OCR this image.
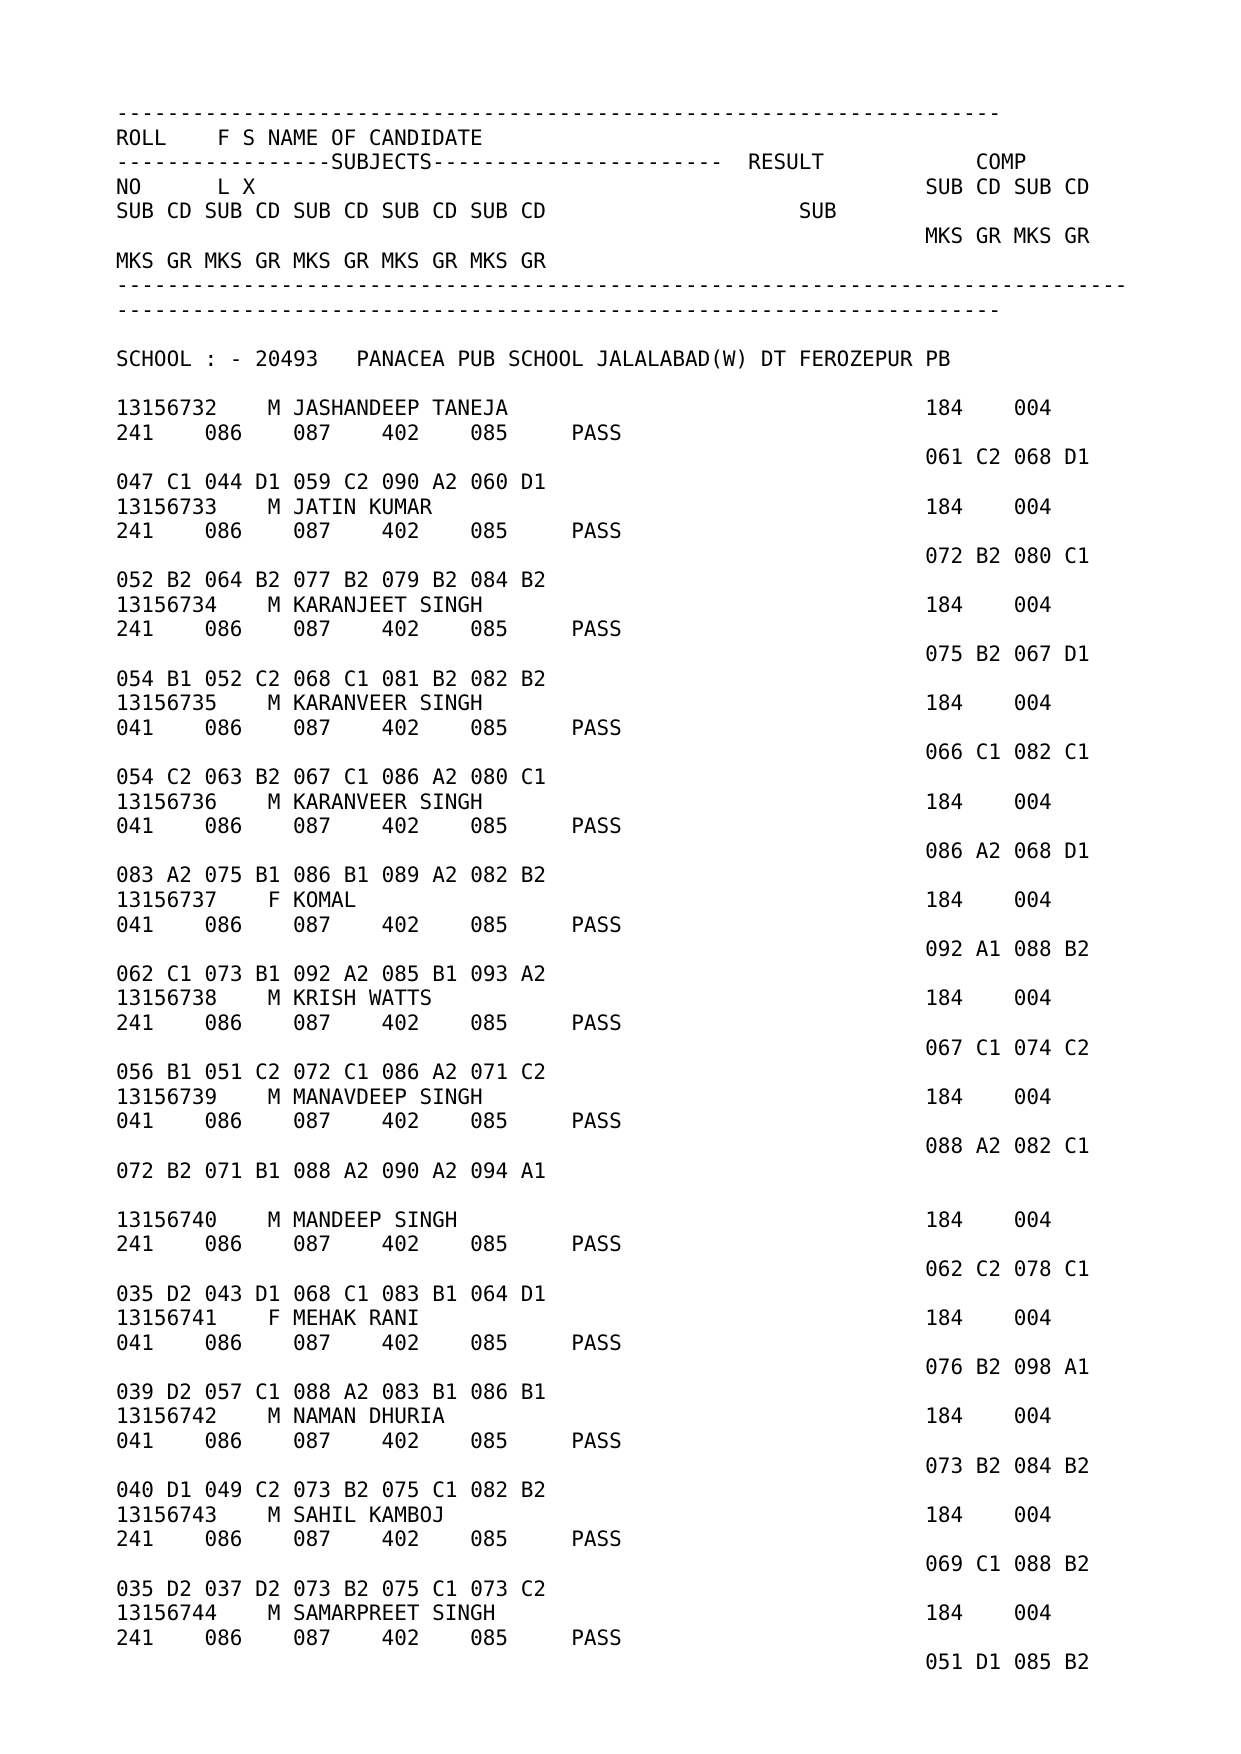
----------------------------------------------------------------------
ROLL F S NAME OF CANDIDATE
-----------------SUBJECTS----------------------- RESULT	COMP
NO	L X	SUB CD SUB CD
SUB CD SUB CD SUB CD SUB CD SUB CD	SUB
MKS GR MKS GR
MKS GR MKS GR MKS GR MKS GR MKS GR
--------------------------------------------------------------------------------
----------------------------------------------------------------------

SCHOOL : - 20493 PANACEA PUB SCHOOL JALALABAD(W) DT FEROZEPUR PB

13156732 M JASHANDEEP TANEJA	184 004
241 086 087 402 085	PASS
061 C2 068 D1
047 C1 044 D1 059 C2 090 A2 060 D1
13156733 M JATIN KUMAR	184 004
241 086 087 402 085	PASS
072 B2 080 C1
052 B2 064 B2 077 B2 079 B2 084 B2
13156734 M KARANJEET SINGH	184 004
241 086 087 402 085	PASS
075 B2 067 D1
054 B1 052 C2 068 C1 081 B2 082 B2
13156735 M KARANVEER SINGH	184 004
041 086 087 402 085	PASS
066 C1 082 C1
054 C2 063 B2 067 C1 086 A2 080 C1
13156736 M KARANVEER SINGH	184 004
041 086 087 402 085	PASS
086 A2 068 D1
083 A2 075 B1 086 B1 089 A2 082 B2
13156737 F KOMAL	184 004
041 086 087 402 085	PASS
092 A1 088 B2
062 C1 073 B1 092 A2 085 B1 093 A2
13156738 M KRISH WATTS	184 004
241 086 087 402 085	PASS
067 C1 074 C2
056 B1 051 C2 072 C1 086 A2 071 C2
13156739 M MANAVDEEP SINGH	184 004
041 086 087 402 085	PASS
088 A2 082 C1
072 B2 071 B1 088 A2 090 A2 094 A1

13156740 M MANDEEP SINGH	184 004
241 086 087 402 085	PASS
062 C2 078 C1
035 D2 043 D1 068 C1 083 B1 064 D1
13156741 F MEHAK RANI	184 004
041 086 087 402 085	PASS
076 B2 098 A1
039 D2 057 C1 088 A2 083 B1 086 B1
13156742 M NAMAN DHURIA	184 004
041 086 087 402 085	PASS
073 B2 084 B2
040 D1 049 C2 073 B2 075 C1 082 B2
13156743 M SAHIL KAMBOJ	184 004
241 086 087 402 085	PASS
069 C1 088 B2
035 D2 037 D2 073 B2 075 C1 073 C2
13156744 M SAMARPREET SINGH	184 004
241 086 087 402 085	PASS
051 D1 085 B2
